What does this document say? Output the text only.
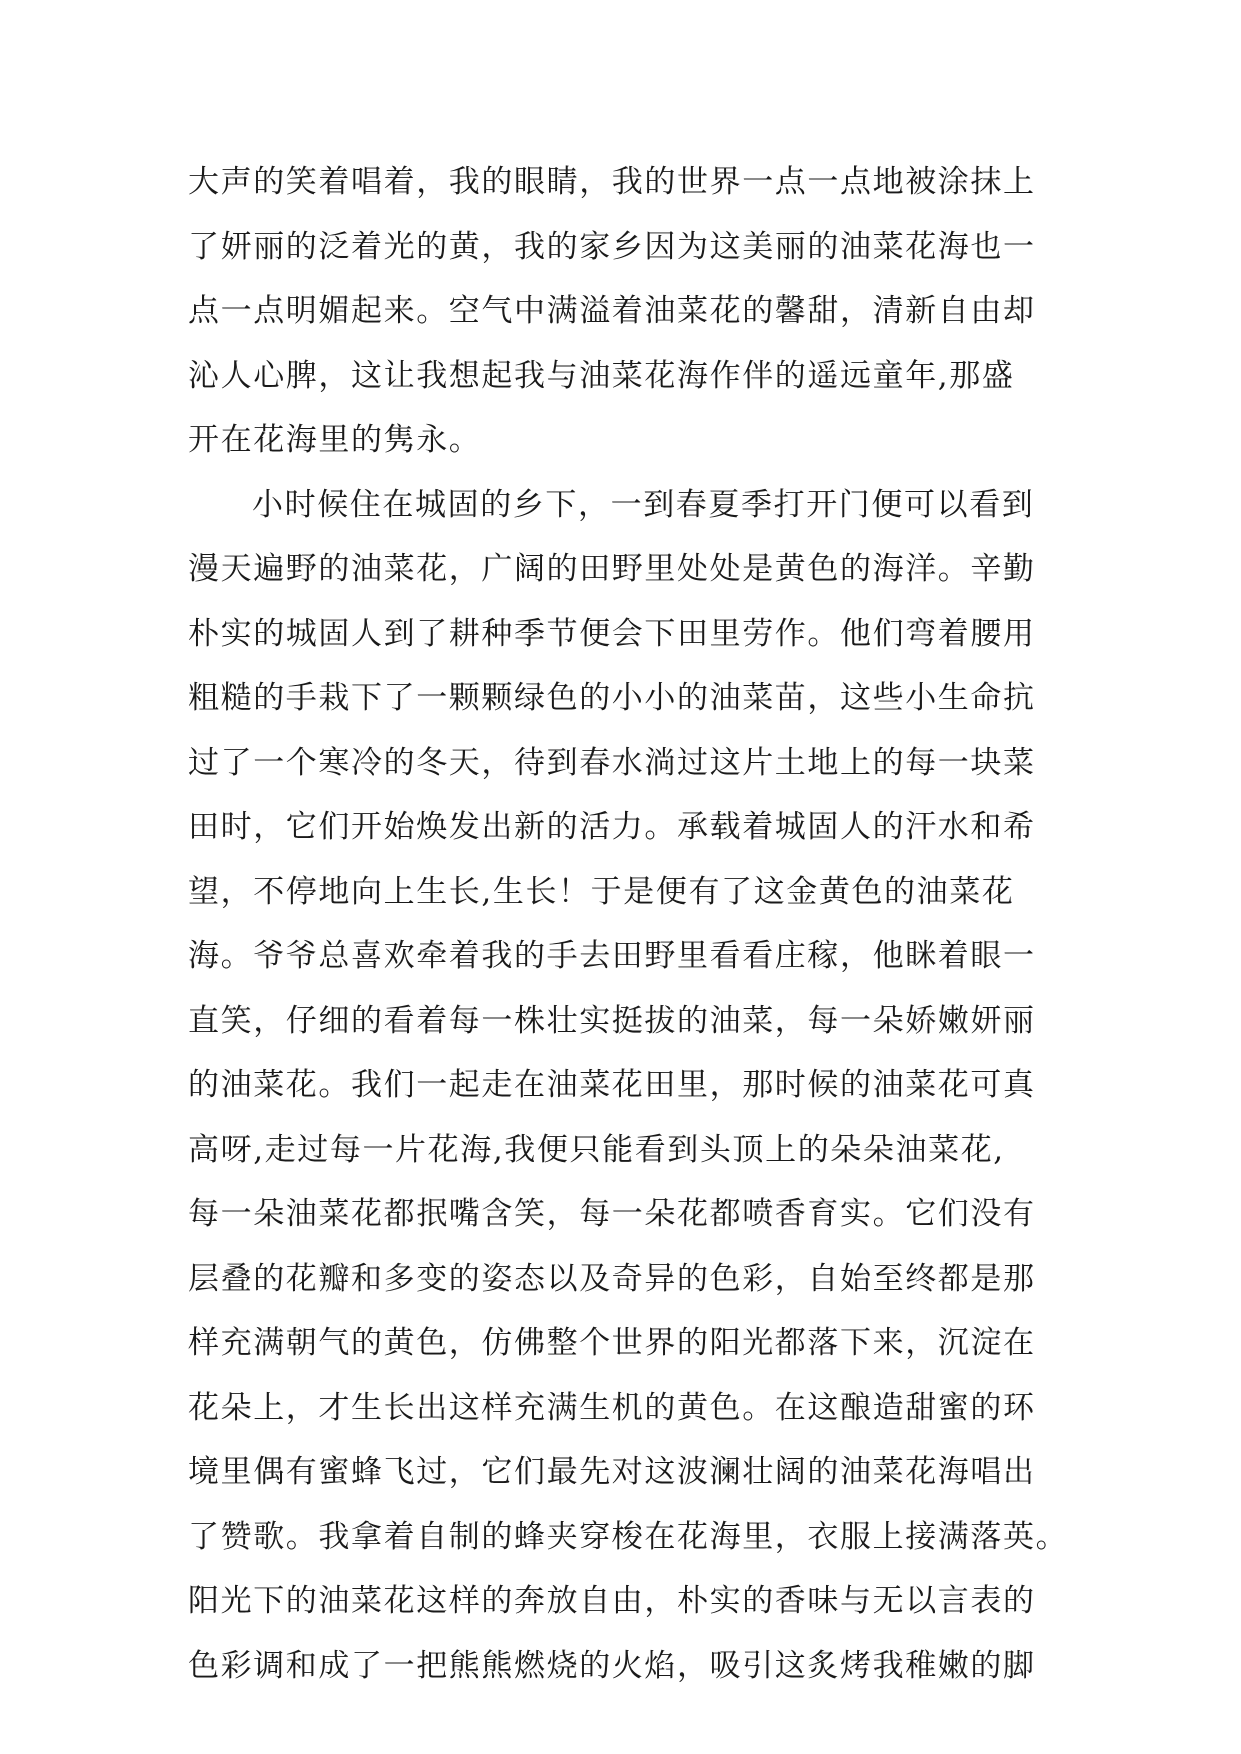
大声的笑着唱着，我的眼睛，我的世界一点一点地被涂抹上
了妍丽的泛着光的黄，我的家乡因为这美丽的油菜花海也一
点一点明媚起来。空气中满溢着油菜花的馨甜，清新自由却
沁人心脾，这让我想起我与油菜花海作伴的遥远童年,那盛
开在花海里的隽永。
小时候住在城固的乡下，一到春夏季打开门便可以看到
漫天遍野的油菜花，广阔的田野里处处是黄色的海洋。辛勤
朴实的城固人到了耕种季节便会下田里劳作。他们弯着腰用
粗糙的手栽下了一颗颗绿色的小小的油菜苗，这些小生命抗
过了一个寒冷的冬天，待到春水淌过这片土地上的每一块菜
田时，它们开始焕发出新的活力。承载着城固人的汗水和希
望，不停地向上生长,生长！于是便有了这金黄色的油菜花
海。爷爷总喜欢牵着我的手去田野里看看庄稼，他眯着眼一
直笑，仔细的看着每一株壮实挺拔的油菜，每一朵娇嫩妍丽
的油菜花。我们一起走在油菜花田里，那时候的油菜花可真
高呀,走过每一片花海,我便只能看到头顶上的朵朵油菜花,
每一朵油菜花都抿嘴含笑，每一朵花都喷香育实。它们没有
层叠的花瓣和多变的姿态以及奇异的色彩，自始至终都是那
样充满朝气的黄色，仿佛整个世界的阳光都落下来，沉淀在
花朵上，才生长出这样充满生机的黄色。在这酿造甜蜜的环
境里偶有蜜蜂飞过，它们最先对这波澜壮阔的油菜花海唱出
了赞歌。我拿着自制的蜂夹穿梭在花海里，衣服上接满落英。
阳光下的油菜花这样的奔放自由，朴实的香味与无以言表的
色彩调和成了一把熊熊燃烧的火焰，吸引这炙烤我稚嫩的脚
